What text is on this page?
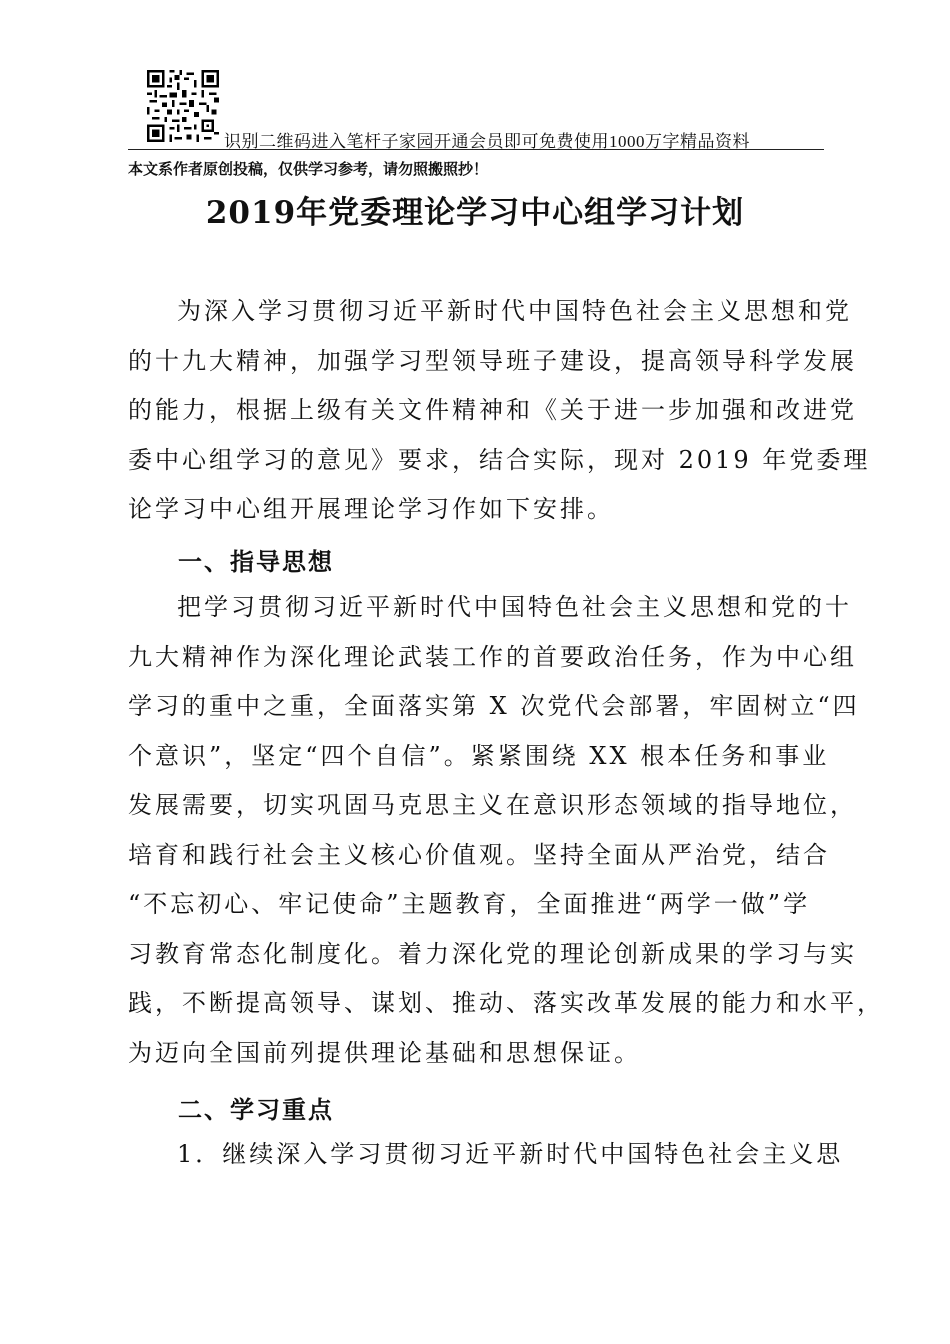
识别二维码进入笔杆子家园开通会员即可免费使用1000万字精品资料
本文系作者原创投稿，仅供学习参考，请勿照搬照抄！
2019年党委理论学习中心组学习计划
为深入学习贯彻习近平新时代中国特色社会主义思想和党
的十九大精神，加强学习型领导班子建设，提高领导科学发展
的能力，根据上级有关文件精神和《关于进一步加强和改进党
委中心组学习的意见》要求，结合实际，现对 2019 年党委理
论学习中心组开展理论学习作如下安排。
一、指导思想
把学习贯彻习近平新时代中国特色社会主义思想和党的十
九大精神作为深化理论武装工作的首要政治任务，作为中心组
学习的重中之重，全面落实第 X 次党代会部署，牢固树立“四
个意识”，坚定“四个自信”。紧紧围绕 XX 根本任务和事业
发展需要，切实巩固马克思主义在意识形态领域的指导地位，
培育和践行社会主义核心价值观。坚持全面从严治党，结合
“不忘初心、牢记使命”主题教育，全面推进“两学一做”学
习教育常态化制度化。着力深化党的理论创新成果的学习与实
践，不断提高领导、谋划、推动、落实改革发展的能力和水平，
为迈向全国前列提供理论基础和思想保证。
二、学习重点
1．继续深入学习贯彻习近平新时代中国特色社会主义思
